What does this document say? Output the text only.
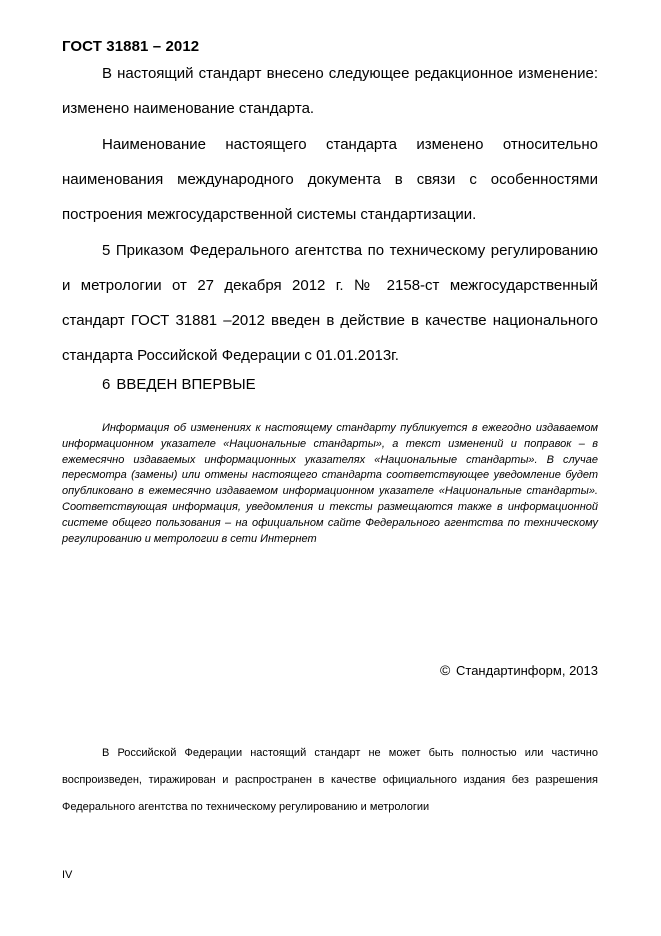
ГОСТ 31881 – 2012

В настоящий стандарт внесено следующее редакционное изменение: изменено наименование стандарта.

Наименование настоящего стандарта изменено относительно наименования международного документа в связи с особенностями построения межгосударственной системы стандартизации.

5 Приказом Федерального агентства по техническому регулированию и метрологии от 27 декабря 2012 г. № 2158-ст межгосударственный стандарт ГОСТ 31881 –2012 введен в действие в качестве национального стандарта Российской Федерации с 01.01.2013г.

6 ВВЕДЕН ВПЕРВЫЕ

Информация об изменениях к настоящему стандарту публикуется в ежегодно издаваемом информационном указателе «Национальные стандарты», а текст изменений и поправок – в ежемесячно издаваемых информационных указателях «Национальные стандарты». В случае пересмотра (замены) или отмены настоящего стандарта соответствующее уведомление будет опубликовано в ежемесячно издаваемом информационном указателе «Национальные стандарты». Соответствующая информация, уведомления и тексты размещаются также в информационной системе общего пользования – на официальном сайте Федерального агентства по техническому регулированию и метрологии в сети Интернет

© Стандартинформ, 2013

В Российской Федерации настоящий стандарт не может быть полностью или частично воспроизведен, тиражирован и распространен в качестве официального издания без разрешения Федерального агентства по техническому регулированию и метрологии

IV
